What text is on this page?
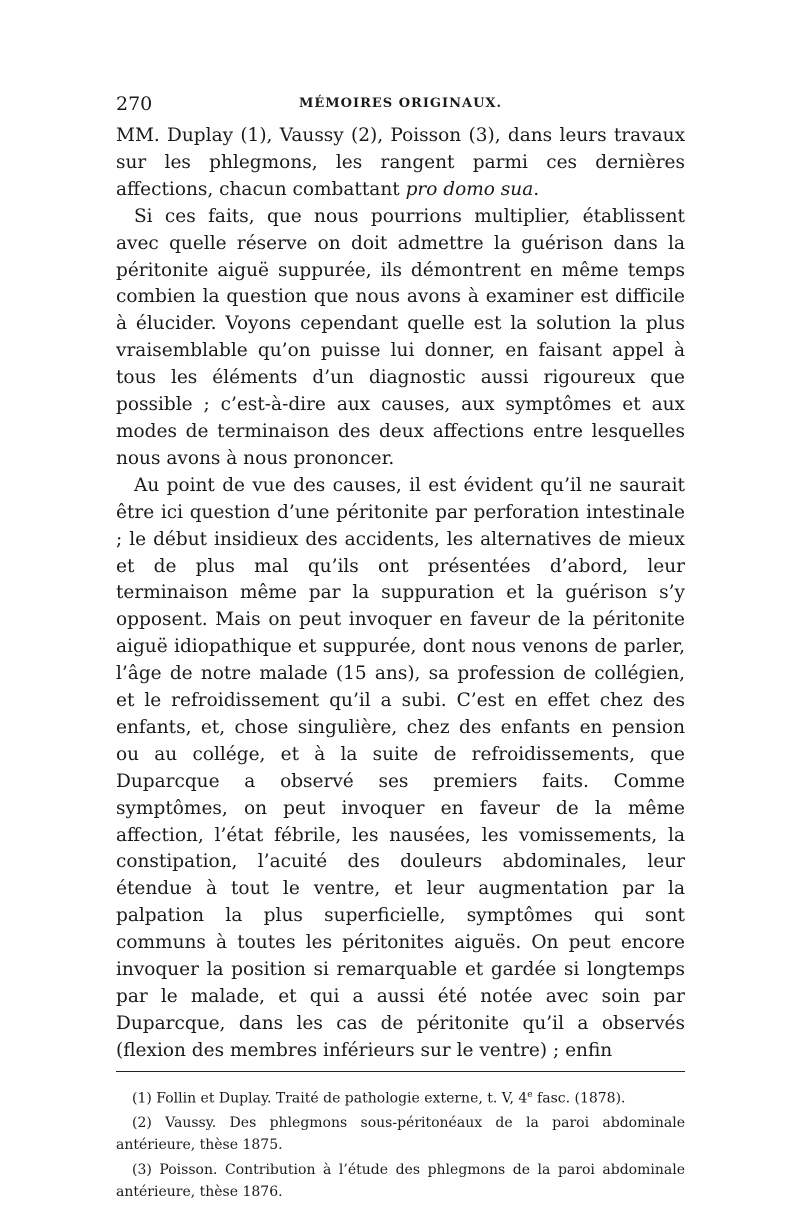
270	MÉMOIRES ORIGINAUX.

MM. Duplay (1), Vaussy (2), Poisson (3), dans leurs travaux sur les phlegmons, les rangent parmi ces dernières affections, chacun combattant pro domo sua.

Si ces faits, que nous pourrions multiplier, établissent avec quelle réserve on doit admettre la guérison dans la péritonite aiguë suppurée, ils démontrent en même temps combien la question que nous avons à examiner est difficile à élucider. Voyons cependant quelle est la solution la plus vraisemblable qu’on puisse lui donner, en faisant appel à tous les éléments d’un diagnostic aussi rigoureux que possible ; c’est-à-dire aux causes, aux symptômes et aux modes de terminaison des deux affections entre lesquelles nous avons à nous prononcer.

Au point de vue des causes, il est évident qu’il ne saurait être ici question d’une péritonite par perforation intestinale ; le début insidieux des accidents, les alternatives de mieux et de plus mal qu’ils ont présentées d’abord, leur terminaison même par la suppuration et la guérison s’y opposent. Mais on peut invoquer en faveur de la péritonite aiguë idiopathique et suppurée, dont nous venons de parler, l’âge de notre malade (15 ans), sa profession de collégien, et le refroidissement qu’il a subi. C’est en effet chez des enfants, et, chose singulière, chez des enfants en pension ou au collége, et à la suite de refroidissements, que Duparcque a observé ses premiers faits. Comme symptômes, on peut invoquer en faveur de la même affection, l’état fébrile, les nausées, les vomissements, la constipation, l’acuité des douleurs abdominales, leur étendue à tout le ventre, et leur augmentation par la palpation la plus superficielle, symptômes qui sont communs à toutes les péritonites aiguës. On peut encore invoquer la position si remarquable et gardée si longtemps par le malade, et qui a aussi été notée avec soin par Duparcque, dans les cas de péritonite qu’il a observés (flexion des membres inférieurs sur le ventre) ; enfin

(1) Follin et Duplay. Traité de pathologie externe, t. V, 4e fasc. (1878).

(2) Vaussy. Des phlegmons sous-péritonéaux de la paroi abdominale antérieure, thèse 1875.

(3) Poisson. Contribution à l’étude des phlegmons de la paroi abdominale antérieure, thèse 1876.
